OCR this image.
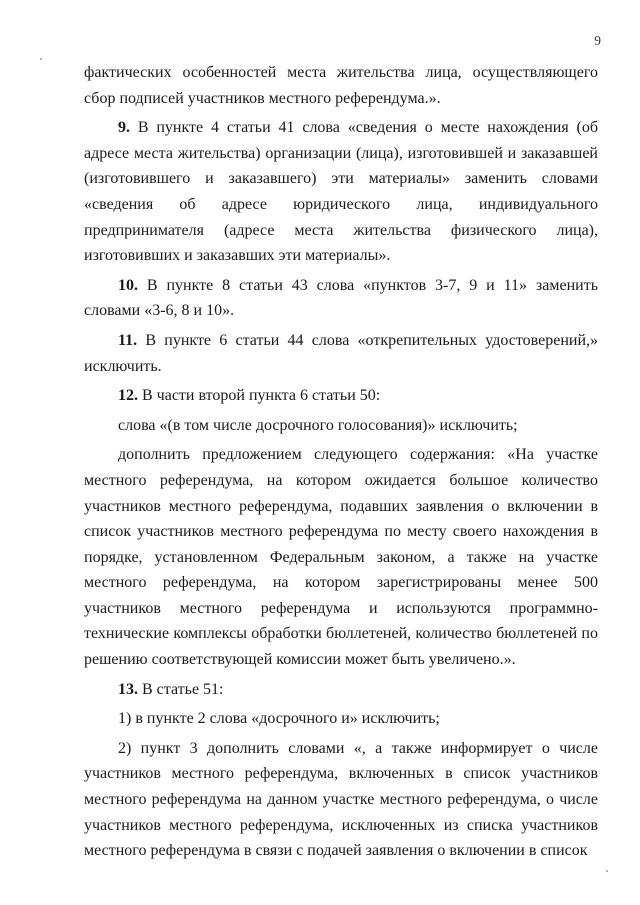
9

фактических особенностей места жительства лица, осуществляющего сбор подписей участников местного референдума.».

9. В пункте 4 статьи 41 слова «сведения о месте нахождения (об адресе места жительства) организации (лица), изготовившей и заказавшей (изготовившего и заказавшего) эти материалы» заменить словами «сведения об адресе юридического лица, индивидуального предпринимателя (адресе места жительства физического лица), изготовивших и заказавших эти материалы».

10. В пункте 8 статьи 43 слова «пунктов 3-7, 9 и 11» заменить словами «3-6, 8 и 10».

11. В пункте 6 статьи 44 слова «открепительных удостоверений,» исключить.

12. В части второй пункта 6 статьи 50:

слова «(в том числе досрочного голосования)» исключить;

дополнить предложением следующего содержания: «На участке местного референдума, на котором ожидается большое количество участников местного референдума, подавших заявления о включении в список участников местного референдума по месту своего нахождения в порядке, установленном Федеральным законом, а также на участке местного референдума, на котором зарегистрированы менее 500 участников местного референдума и используются программно-технические комплексы обработки бюллетеней, количество бюллетеней по решению соответствующей комиссии может быть увеличено.».

13. В статье 51:

1) в пункте 2 слова «досрочного и» исключить;

2) пункт 3 дополнить словами «, а также информирует о числе участников местного референдума, включенных в список участников местного референдума на данном участке местного референдума, о числе участников местного референдума, исключенных из списка участников местного референдума в связи с подачей заявления о включении в список
